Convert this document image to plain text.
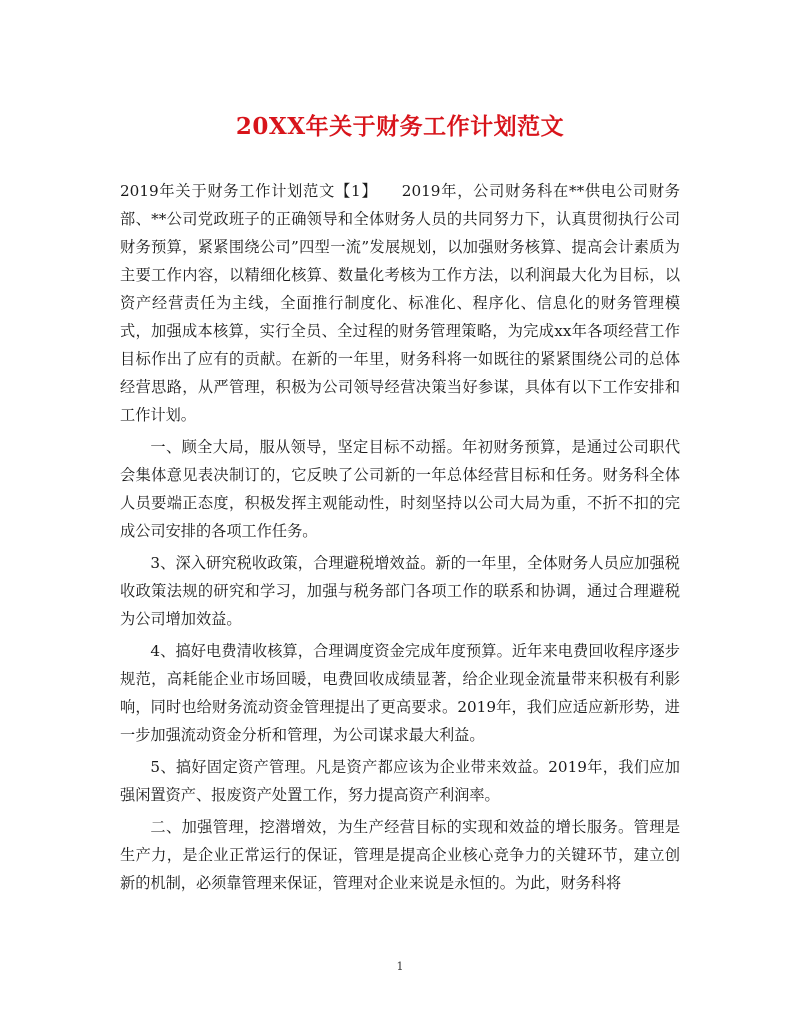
20XX年关于财务工作计划范文

2019年关于财务工作计划范文【1】　　2019年，公司财务科在**供电公司财务部、**公司党政班子的正确领导和全体财务人员的共同努力下，认真贯彻执行公司财务预算，紧紧围绕公司”四型一流”发展规划，以加强财务核算、提高会计素质为主要工作内容，以精细化核算、数量化考核为工作方法，以利润最大化为目标，以资产经营责任为主线，全面推行制度化、标准化、程序化、信息化的财务管理模式，加强成本核算，实行全员、全过程的财务管理策略，为完成xx年各项经营工作目标作出了应有的贡献。在新的一年里，财务科将一如既往的紧紧围绕公司的总体经营思路，从严管理，积极为公司领导经营决策当好参谋，具体有以下工作安排和工作计划。

一、顾全大局，服从领导，坚定目标不动摇。年初财务预算，是通过公司职代会集体意见表决制订的，它反映了公司新的一年总体经营目标和任务。财务科全体人员要端正态度，积极发挥主观能动性，时刻坚持以公司大局为重，不折不扣的完成公司安排的各项工作任务。

3、深入研究税收政策，合理避税增效益。新的一年里，全体财务人员应加强税收政策法规的研究和学习，加强与税务部门各项工作的联系和协调，通过合理避税为公司增加效益。

4、搞好电费清收核算，合理调度资金完成年度预算。近年来电费回收程序逐步规范，高耗能企业市场回暖，电费回收成绩显著，给企业现金流量带来积极有利影响，同时也给财务流动资金管理提出了更高要求。2019年，我们应适应新形势，进一步加强流动资金分析和管理，为公司谋求最大利益。

5、搞好固定资产管理。凡是资产都应该为企业带来效益。2019年，我们应加强闲置资产、报废资产处置工作，努力提高资产利润率。

二、加强管理，挖潜增效，为生产经营目标的实现和效益的增长服务。管理是生产力，是企业正常运行的保证，管理是提高企业核心竞争力的关键环节，建立创新的机制，必须靠管理来保证，管理对企业来说是永恒的。为此，财务科将

1
